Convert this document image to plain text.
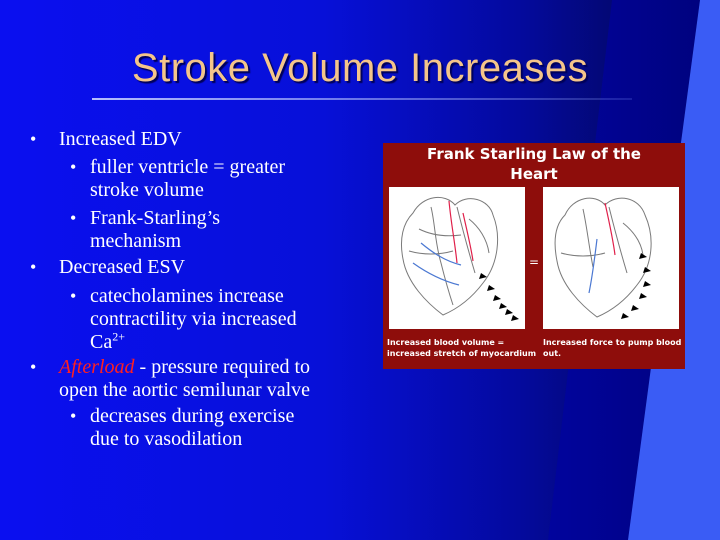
Stroke Volume Increases
• Increased EDV
• fuller ventricle = greater
stroke volume
• Frank-Starling’s
mechanism
• Decreased ESV
• catecholamines increase
contractility via increased
$Ca^{2+}$
• Afterload - pressure required to
open the aortic semilunar valve
• decreases during exercise
due to vasodilation
Frank Starling Law of the
Heart
=
Increased blood volume =
increased stretch of myocardium
Increased force to pump blood
out.
